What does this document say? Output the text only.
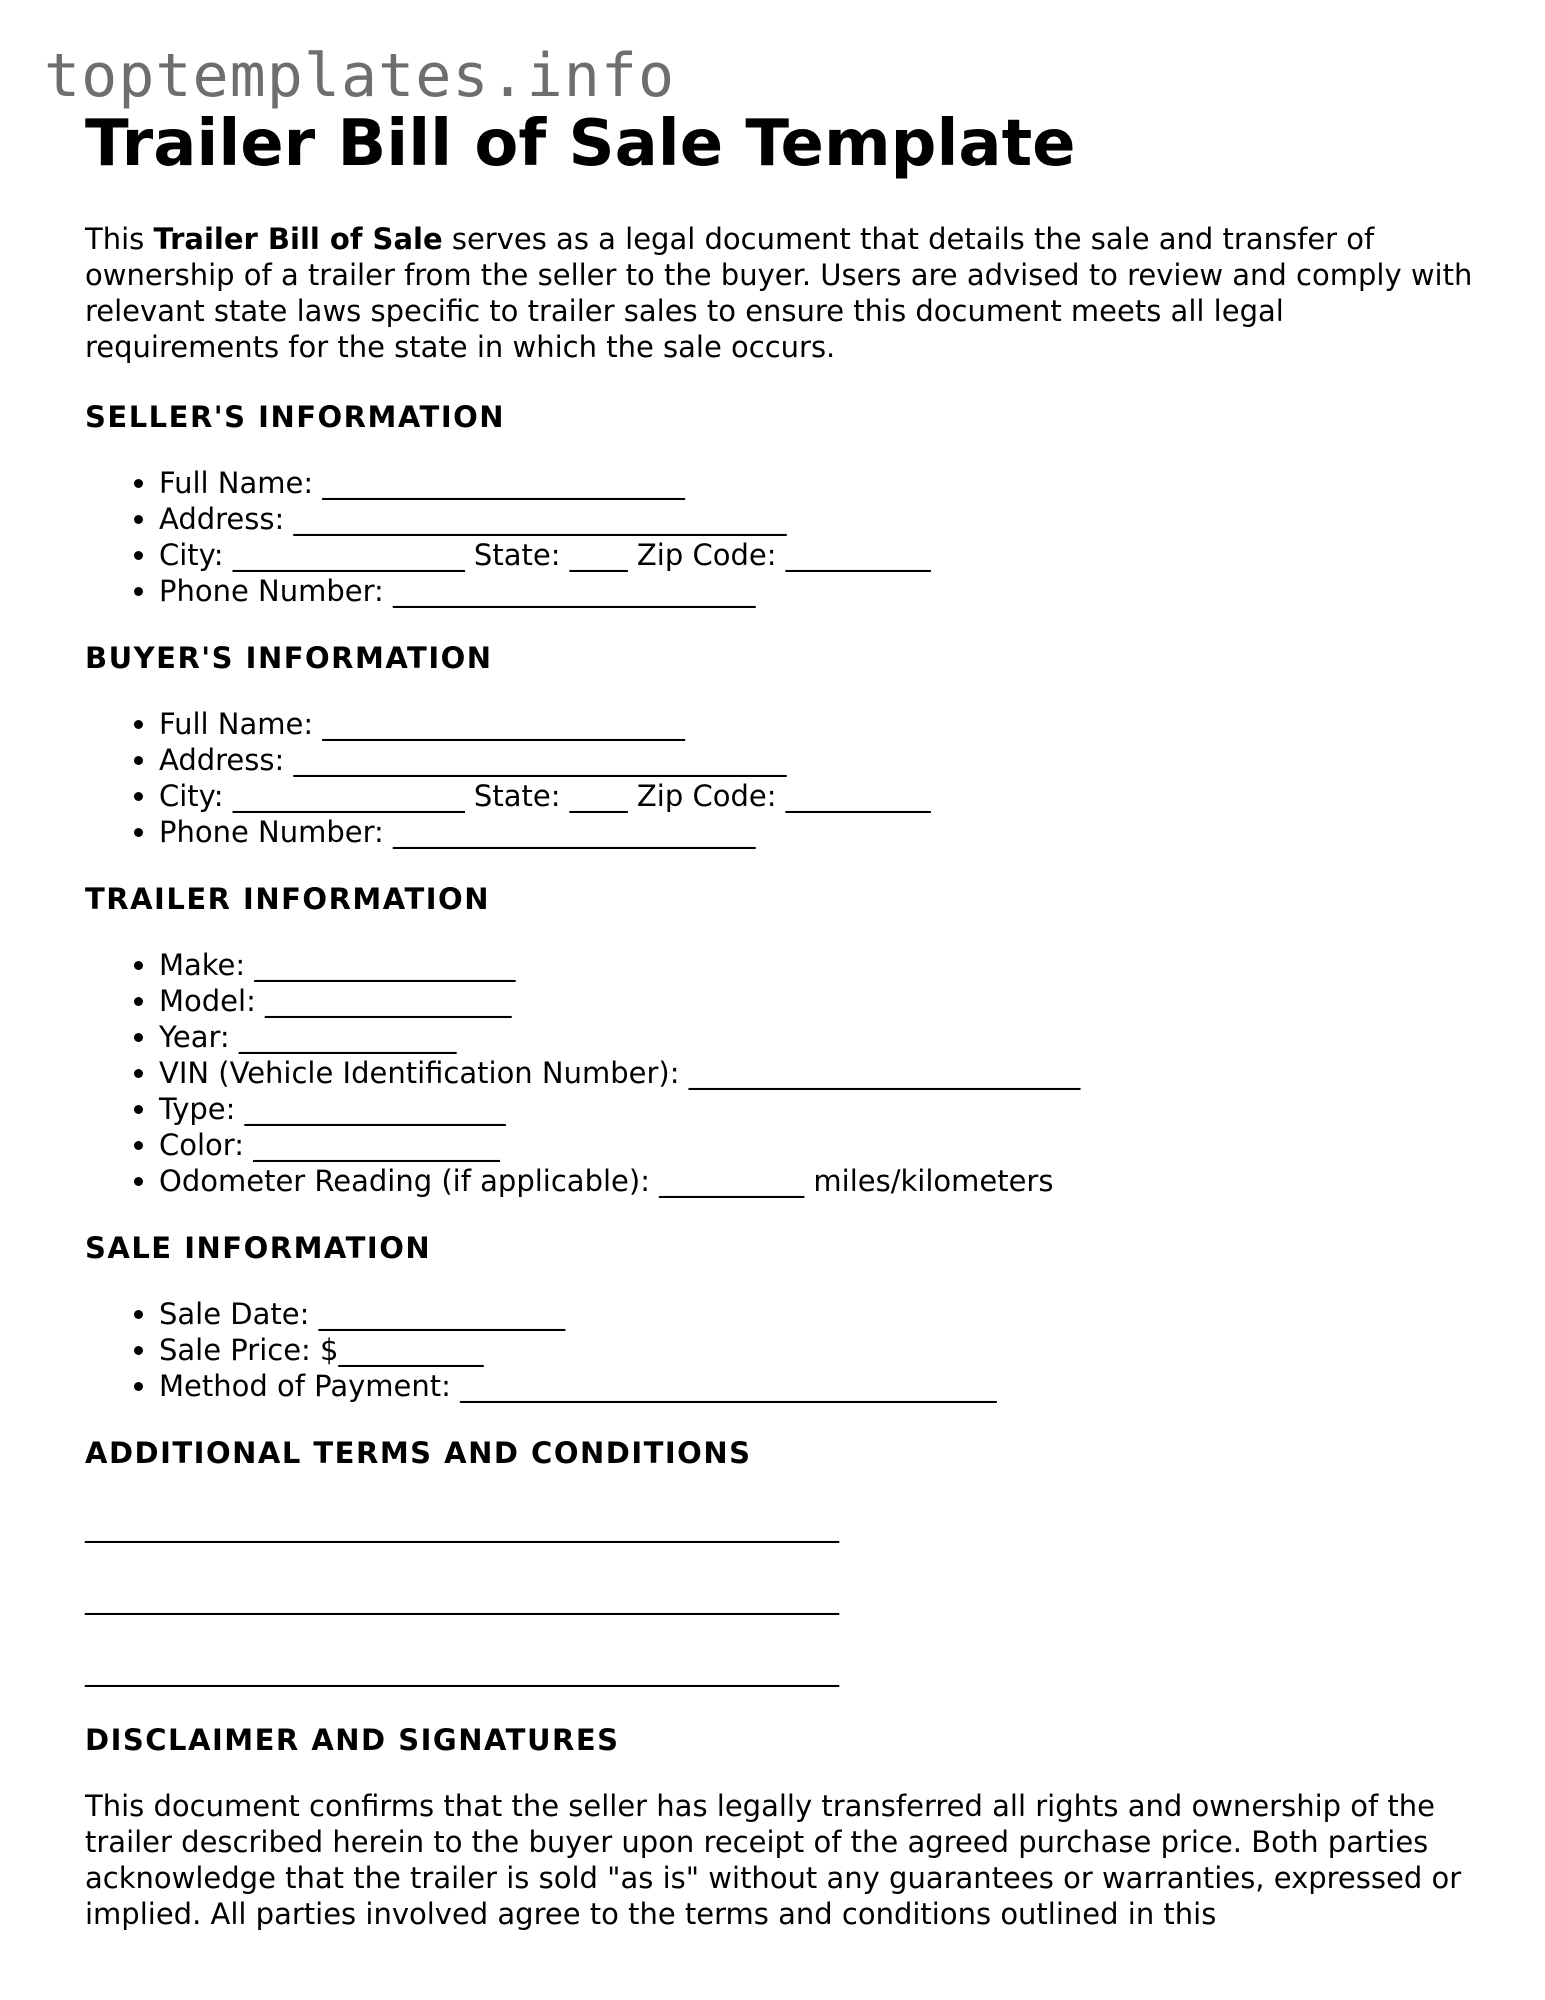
toptemplates.info
Trailer Bill of Sale Template

This Trailer Bill of Sale serves as a legal document that details the sale and transfer of ownership of a trailer from the seller to the buyer. Users are advised to review and comply with relevant state laws specific to trailer sales to ensure this document meets all legal requirements for the state in which the sale occurs.

SELLER'S INFORMATION
• Full Name: _________________________
• Address: __________________________________
• City: ________________ State: ____ Zip Code: __________
• Phone Number: _________________________
BUYER'S INFORMATION
• Full Name: _________________________
• Address: __________________________________
• City: ________________ State: ____ Zip Code: __________
• Phone Number: _________________________
TRAILER INFORMATION
• Make: __________________
• Model: _________________
• Year: _______________
• VIN (Vehicle Identification Number): ___________________________
• Type: __________________
• Color: _________________
• Odometer Reading (if applicable): __________ miles/kilometers
SALE INFORMATION
• Sale Date: _________________
• Sale Price: $__________
• Method of Payment: _____________________________________
ADDITIONAL TERMS AND CONDITIONS
____________________________________________________
____________________________________________________
____________________________________________________
DISCLAIMER AND SIGNATURES

This document confirms that the seller has legally transferred all rights and ownership of the trailer described herein to the buyer upon receipt of the agreed purchase price. Both parties acknowledge that the trailer is sold "as is" without any guarantees or warranties, expressed or implied. All parties involved agree to the terms and conditions outlined in this
